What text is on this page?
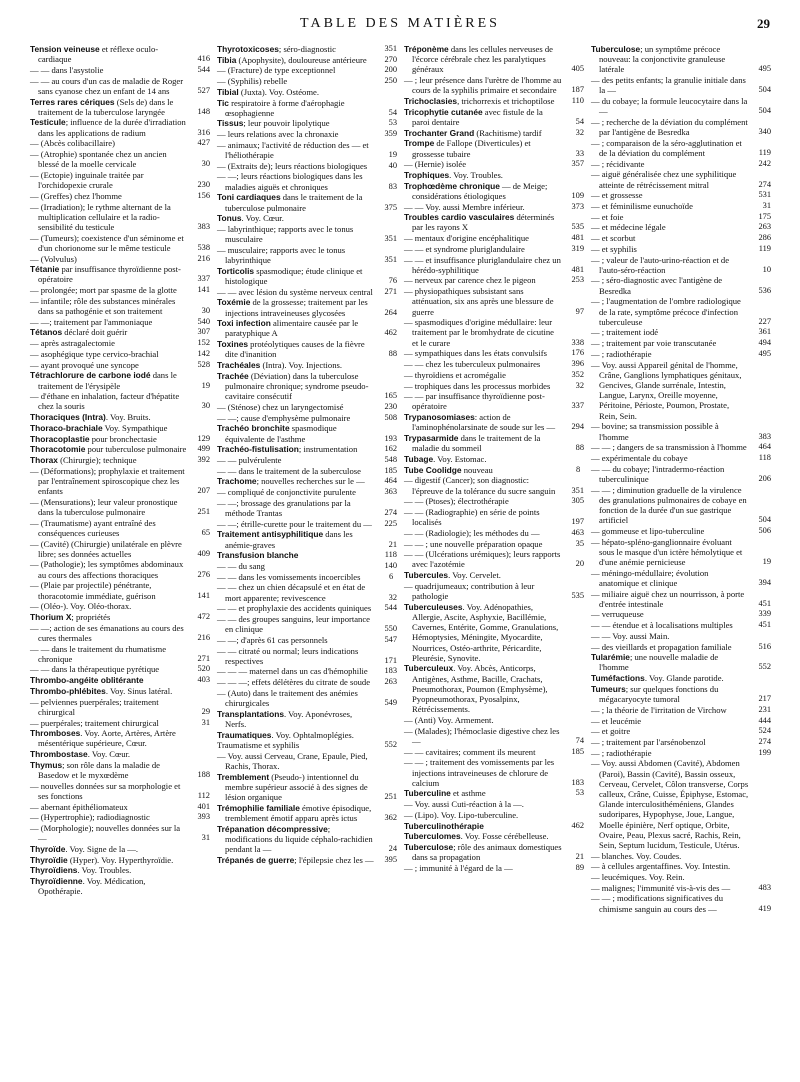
TABLE DES MATIÈRES	29
Tension veineuse et réflexe oculo-cardiaque	416
— — dans l'asystolie	544
— — au cours d'un cas de maladie de Roger sans cyanose chez un enfant de 14 ans	527
Terres rares cériques (Sels de) dans le traitement de la tuberculose laryngée	148
Testicule; influence de la durée d'irradiation dans les applications de radium	316
— (Abcès colibacillaire)	427
— (Atrophie) spontanée chez un ancien blessé de la moelle cervicale	30
— (Ectopie) inguinale traitée par l'orchidopexie crurale	230
— (Greffes) chez l'homme	156
— (Irradiation); le rythme alternant de la multiplication cellulaire et la radio-sensibilité du testicule	383
— (Tumeurs); coexistence d'un séminome et d'un chorionome sur le même testicule	538
— (Volvulus)	216
Tétanie par insuffisance thyroïdienne post-opératoire	337
— prolongée; mort par spasme de la glotte 141
— infantile; rôle des substances minérales dans sa pathogénie et son traitement	30
— —; traitement par l'ammoniaque	540
Tétanos déclaré doit guérir	307
— après astragalectomie	152
— asophégique type cervico-brachial	142
— ayant provoqué une syncope	528
Tétrachlorure de carbone iodé dans le traitement de l'érysipèle	19
— d'éthane en inhalation, facteur d'hépatite chez la souris	30
Thoraciques (Intra). Voy. Bruits.
Thoraco-brachiale Voy. Sympathique
Thoracoplastie pour bronchectasie	129
Thoracotomie pour tuberculose pulmonaire 499
Thorax (Chirurgie); technique	392
— (Déformations); prophylaxie et traitement par l'entraînement spiroscopique chez les enfants	207
— (Mensurations); leur valeur pronostique dans la tuberculose pulmonaire	251
— (Traumatisme) ayant entraîné des conséquences curieuses	65
— (Cavité) (Chirurgie) unilatérale en plèvre libre; ses données actuelles	409
— (Pathologie); les symptômes abdominaux au cours des affections thoraciques	276
— (Plaie par projectile) pénétrante, thoracotomie immédiate, guérison	141
— (Oléo-). Voy. Oléo-thorax.
Thorium X; propriétés	472
— —; action de ses émanations au cours des cures thermales	216
— — dans le traitement du rhumatisme chronique	271
— — dans la thérapeutique pyrétique	520
Thrombo-angéite oblitérante	403
Thrombo-phlébites. Voy. Sinus latéral.
— pelviennes puerpérales; traitement chirurgical	29
— puerpérales; traitement chirurgical	31
Thromboses. Voy. Aorte, Artères, Artère mésentérique supérieure, Cœur.
Thrombostase. Voy. Cœur.
Thymus; son rôle dans la maladie de Basedow et le myxœdème	188
— nouvelles données sur sa morphologie et ses fonctions	112
— abernant épithéliomateux	401
— (Hypertrophie); radiodiagnostic	393
— (Morphologie); nouvelles données sur la —	31
Thyroïde. Voy. Signe de la —.
Thyroïdie (Hyper). Voy. Hyperthyroïdie.
Thyroïdiens. Voy. Troubles.
Thyroïdienne. Voy. Médication, Opothérapie.
Thyrotoxicoses; séro-diagnostic	351
Tibia (Apophysite), douloureuse antérieure 270
— (Fracture) de type exceptionnel	200
— (Syphilis) rebelle	250
Tibial (Juxta). Voy. Ostéome.
Tic respiratoire à forme d'aérophagie œsophagienne	54
Tissus; leur pouvoir lipolytique	53
— leurs relations avec la chronaxie	359
— animaux; l'activité de réduction des — et l'héliothérapie	19
— (Extraits de); leurs réactions biologiques	40
— —; leurs réactions biologiques dans les maladies aiguës et chroniques	83
Toni cardiaques dans le traitement de la tuberculose pulmonaire	375
Tonus. Voy. Cœur.
— labyrinthique; rapports avec le tonus musculaire	351
— musculaire; rapports avec le tonus labyrinthique	351
Torticolis spasmodique; étude clinique et histologique	76
— — avec lésion du système nerveux central 271
Toxémie de la grossesse; traitement par les injections intraveineuses glycosées	264
Toxi infection alimentaire causée par le paratyphique A	462
Toxines protéolytiques causes de la fièvre dite d'inanition	88
Trachéales (Intra). Voy. Injections.
Trachée (Déviation) dans la tuberculose pulmonaire chronique; syndrome pseudo-cavitaire consécutif	165
— (Sténose) chez un laryngectomisé	230
— —; cause d'emphysème pulmonaire	508
Trachéo bronchite spasmodique équivalente de l'asthme	193
Trachéo-fistulisation; instrumentation	162
— — pulvérulente	548
— — dans le traitement de la suberculose	185
Trachome; nouvelles recherches sur le — 464
— compliqué de conjonctivite purulente	363
— —; brossage des granulations par la méthode Trantas	274
— —; étrille-curette pour le traitement du — 225
Traitement antisyphilitique dans les anémie-graves	21
Transfusion blanche	118
— — du sang	140
— — dans les vomissements incoercibles	6
— — chez un chien décapsulé et en état de mort apparente; revivescence	32
— — et prophylaxie des accidents quiniques 544
— — des groupes sanguins, leur importance en clinique	550
— —; d'après 61 cas personnels	547
— — citraté ou normal; leurs indications respectives	171
— — — maternel dans un cas d'hémophilie 183
— — —; effets délétères du citrate de soude 263
— (Auto) dans le traitement des anémies chirurgicales	549
Transplantations. Voy. Aponévroses, Nerfs.
Traumatiques. Voy. Ophtalmoplégies.
Traumatisme et syphilis	552
— Voy. aussi Cerveau, Crane, Epaule, Pied, Rachis, Thorax.
Tremblement (Pseudo-) intentionnel du membre supérieur associé à des signes de lésion organique	251
Trémophilie familiale émotive épisodique, tremblement émotif apparu après ictus	362
Trépanation décompressive; modifications du liquide céphalo-rachidien pendant la —	24
Trépanés de guerre; l'épilepsie chez les — 395
Tréponème dans les cellules nerveuses de l'écorce cérébrale chez les paralytiques généraux	405
— ; leur présence dans l'urètre de l'homme au cours de la syphilis primaire et secondaire 187
Trichoclasies, trichorrexis et trichoptilose 110
Tricophytie cutanée avec fistule de la paroi dentaire	54
Trochanter Grand (Rachitisme) tardif	32
Trompe de Fallope (Diverticules) et grossesse tubaire	33
— (Hernie) isolée	357
Trophiques. Voy. Troubles.
Trophœdème chronique — de Meige; considérations étiologiques	109
— — Voy. aussi Membre inférieur.	373
Troubles cardio vasculaires déterminés par les rayons X	535
— mentaux d'origine encéphalitique	481
— — et syndrome pluriglandulaire	319
— — et insuffisance pluriglandulaire chez un hérédo-syphilitique	481
— nerveux par carence chez le pigeon	253
— physiopathiques subsistant sans atténuation, six ans après une blessure de guerre	97
— spasmodiques d'origine médullaire: leur traitement par le bromhydrate de cicutine et le curare	338
— sympathiques dans les états convulsifs	176
— — chez les tuberculeux pulmonaires	396
— thyroïdiens et acromégalie	352
— trophiques dans les processus morbides	32
— — par insuffisance thyroïdienne post-opératoire	337
Trypanosomiases: action de l'aminophénolarsinate de soude sur les — 294
Trypasarmide dans le traitement de la maladie du sommeil	88
Tubage. Voy. Estomac.
Tube Coolidge nouveau	8
— digestif (Cancer); son diagnostic: l'épreuve de la tolérance du sucre sanguin 351
— — (Ptoses); électrothérapie	305
— — (Radiographie) en série de points localisés	197
— — (Radiologie); les méthodes du —	463
— — ; une nouvelle préparation opaque	35
— — (Ulcérations urémiques); leurs rapports avec l'azotémie	20
Tubercules. Voy. Cervelet.
— quadrijumeaux; contribution à leur pathologie	535
Tuberculeuses. Voy. Adénopathies, Allergie, Ascite, Asphyxie, Bacillémie, Cavernes, Entérite, Gomme, Granulations, Hémoptysies, Méningite, Myocardite, Nourrices, Ostéo-arthrite, Péricardite, Pleurésie, Synovite.
Tuberculeux. Voy. Abcès, Anticorps, Antigènes, Asthme, Bacille, Crachats, Pneumothorax, Poumon (Emphysème), Pyopneumothorax, Pyosalpinx, Rétrécissements.
— (Anti) Voy. Armement.
— (Malades); l'hémoclasie digestive chez les —	74
— — cavitaires; comment ils meurent	185
— — ; traitement des vomissements par les injections intraveineuses de chlorure de calcium	183
Tuberculine et asthme	53
— Voy. aussi Cuti-réaction à la —.
— (Lipo). Voy. Lipo-tuberculine.
Tuberculinothérapie	462
Tuberculomes. Voy. Fosse cérébelleuse.
Tuberculose; rôle des animaux domestiques dans sa propagation	21
— ; immunité à l'égard de la —	89
Tuberculose; un symptôme précoce nouveau: la conjonctivite granuleuse latérale	495
— des petits enfants; la granulie initiale dans la —	504
— du cobaye; la formule leucocytaire dans la —	504
— ; recherche de la déviation du complément par l'antigène de Besredka	340
— ; comparaison de la séro-agglutination et de la déviation du complément	119
— ; récidivante	242
— aiguë généralisée chez une syphilitique atteinte de rétrécissement mitral	274
— et grossesse	531
— et féminilisme eunuchoïde	31
— et foie	175
— et médecine légale	263
— et scorbut	286
— et syphilis	119
— ; valeur de l'auto-urino-réaction et de l'auto-séro-réaction	10
— ; séro-diagnostic avec l'antigène de Besredka	536
— ; l'augmentation de l'ombre radiologique de la rate, symptôme précoce d'infection tuberculeuse	227
— ; traitement iodé	361
— ; traitement par voie transcutanée	494
— ; radiothérapie	495
— Voy. aussi Appareil génital de l'homme, Crâne, Ganglions lymphatiques génitaux, Gencives, Glande surrénale, Intestin, Langue, Larynx, Oreille moyenne, Péritoine, Périoste, Poumon, Prostate, Rein, Sein.
— bovine; sa transmission possible à l'homme	383
— — ; dangers de sa transmission à l'homme 464
— expérimentale du cobaye	118
— — du cobaye; l'intradermo-réaction tuberculinique	206
— — ; diminution graduelle de la virulence des granulations pulmonaires de cobaye en fonction de la durée d'un sue gastrique artificiel	504
— gommeuse et lipo-tuberculine	506
— hépato-spléno-ganglionnaire évoluant sous le masque d'un ictère hémolytique et d'une anémie pernicieuse	19
— méningo-médullaire; évolution anatomique et clinique	394
— miliaire aiguë chez un nourrisson, à porte d'entrée intestinale	451
— verruqueuse	339
— — étendue et à localisations multiples	451
— — Voy. aussi Main.
— des vieillards et propagation familiale	516
Tularémie; une nouvelle maladie de l'homme	552
Tuméfactions. Voy. Glande parotide.
Tumeurs; sur quelques fonctions du mégacaryocyte tumoral	217
— ; la théorie de l'irritation de Virchow	231
— et leucémie	444
— et goitre	524
— ; traitement par l'arsénobenzol	274
— ; radiothérapie	199
— Voy. aussi Abdomen (Cavité), Abdomen (Paroi), Bassin (Cavité), Bassin osseux, Cerveau, Cervelet, Côlon transverse, Corps calleux, Crâne, Cuisse, Épiphyse, Estomac, Glande interculosithéméniens, Glandes sudoripares, Hypophyse, Joue, Langue, Moelle épinière, Nerf optique, Orbite, Ovaire, Peau, Plexus sacré, Rachis, Rein, Sein, Septum lucidum, Testicule, Utérus.
— blanches. Voy. Coudes.
— à cellules argentaffines. Voy. Intestin.
— leucémiques. Voy. Rein.
— malignes; l'immunité vis-à-vis des —	483
— — ; modifications significatives du chimisme sanguin au cours des —	419
